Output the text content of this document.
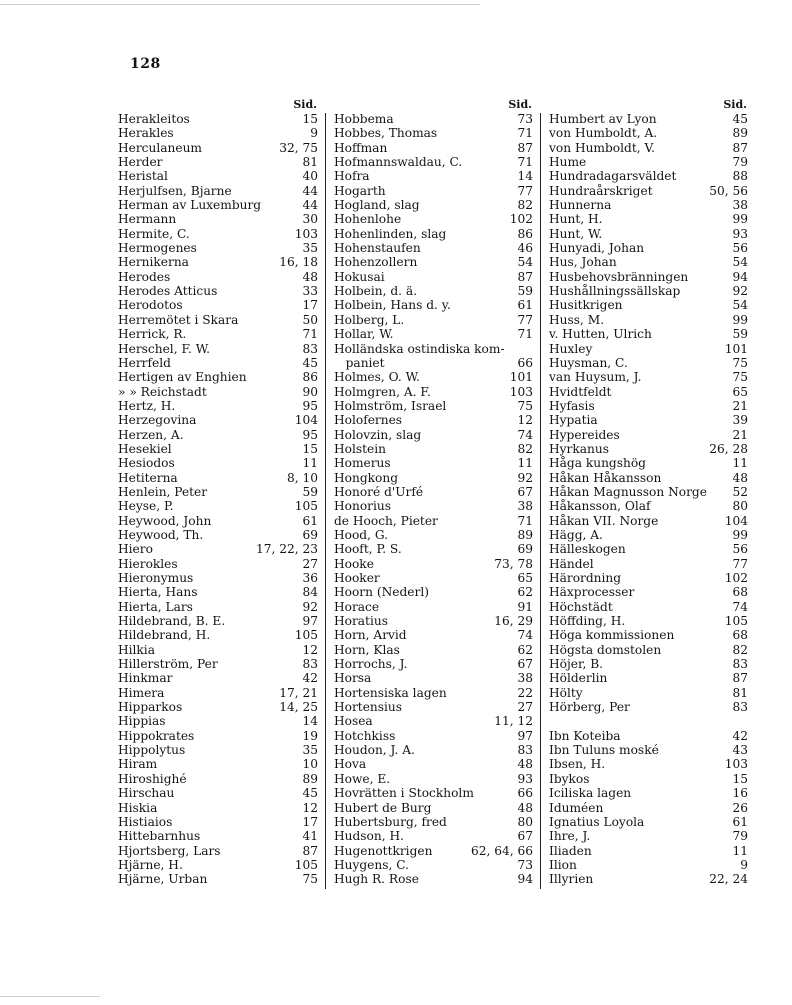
128
Sid.
Herakleitos	15
Herakles	9
Herculaneum	32, 75
Herder	81
Heristal	40
Herjulfsen, Bjarne	44
Herman av Luxemburg	44
Hermann	30
Hermite, C.	103
Hermogenes	35
Hernikerna	16, 18
Herodes	48
Herodes Atticus	33
Herodotos	17
Herremötet i Skara	50
Herrick, R.	71
Herschel, F. W.	83
Herrfeld	45
Hertigen av Enghien	86
» » Reichstadt	90
Hertz, H.	95
Herzegovina	104
Herzen, A.	95
Hesekiel	15
Hesiodos	11
Hetiterna	8, 10
Henlein, Peter	59
Heyse, P.	105
Heywood, John	61
Heywood, Th.	69
Hiero	17, 22, 23
Hierokles	27
Hieronymus	36
Hierta, Hans	84
Hierta, Lars	92
Hildebrand, B. E.	97
Hildebrand, H.	105
Hilkia	12
Hillerström, Per	83
Hinkmar	42
Himera	17, 21
Hipparkos	14, 25
Hippias	14
Hippokrates	19
Hippolytus	35
Hiram	10
Hiroshighé	89
Hirschau	45
Hiskia	12
Histiaios	17
Hittebarnhus	41
Hjortsberg, Lars	87
Hjärne, H.	105
Hjärne, Urban	75
Sid.
Hobbema	73
Hobbes, Thomas	71
Hoffman	87
Hofmannswaldau, C.	71
Hofra	14
Hogarth	77
Hogland, slag	82
Hohenlohe	102
Hohenlinden, slag	86
Hohenstaufen	46
Hohenzollern	54
Hokusai	87
Holbein, d. ä.	59
Holbein, Hans d. y.	61
Holberg, L.	77
Hollar, W.	71
Holländska ostindiska kom-
paniet	66
Holmes, O. W.	101
Holmgren, A. F.	103
Holmström, Israel	75
Holofernes	12
Holovzin, slag	74
Holstein	82
Homerus	11
Hongkong	92
Honoré d'Urfé	67
Honorius	38
de Hooch, Pieter	71
Hood, G.	89
Hooft, P. S.	69
Hooke	73, 78
Hooker	65
Hoorn (Nederl)	62
Horace	91
Horatius	16, 29
Horn, Arvid	74
Horn, Klas	62
Horrochs, J.	67
Horsa	38
Hortensiska lagen	22
Hortensius	27
Hosea	11, 12
Hotchkiss	97
Houdon, J. A.	83
Hova	48
Howe, E.	93
Hovrätten i Stockholm	66
Hubert de Burg	48
Hubertsburg, fred	80
Hudson, H.	67
Hugenottkrigen	62, 64, 66
Huygens, C.	73
Hugh R. Rose	94
Sid.
Humbert av Lyon	45
von Humboldt, A.	89
von Humboldt, V.	87
Hume	79
Hundradagarsväldet	88
Hundraårskriget	50, 56
Hunnerna	38
Hunt, H.	99
Hunt, W.	93
Hunyadi, Johan	56
Hus, Johan	54
Husbehovsbränningen	94
Hushållningssällskap	92
Husitkrigen	54
Huss, M.	99
v. Hutten, Ulrich	59
Huxley	101
Huysman, C.	75
van Huysum, J.	75
Hvidtfeldt	65
Hyfasis	21
Hypatia	39
Hypereides	21
Hyrkanus	26, 28
Håga kungshög	11
Håkan Håkansson	48
Håkan Magnusson Norge	52
Håkansson, Olaf	80
Håkan VII. Norge	104
Hägg, A.	99
Hälleskogen	56
Händel	77
Härordning	102
Häxprocesser	68
Höchstädt	74
Höffding, H.	105
Höga kommissionen	68
Högsta domstolen	82
Höjer, B.	83
Hölderlin	87
Hölty	81
Hörberg, Per	83
Ibn Koteiba	42
Ibn Tuluns moské	43
Ibsen, H.	103
Ibykos	15
Iciliska lagen	16
Iduméen	26
Ignatius Loyola	61
Ihre, J.	79
Iliaden	11
Ilion	9
Illyrien	22, 24
